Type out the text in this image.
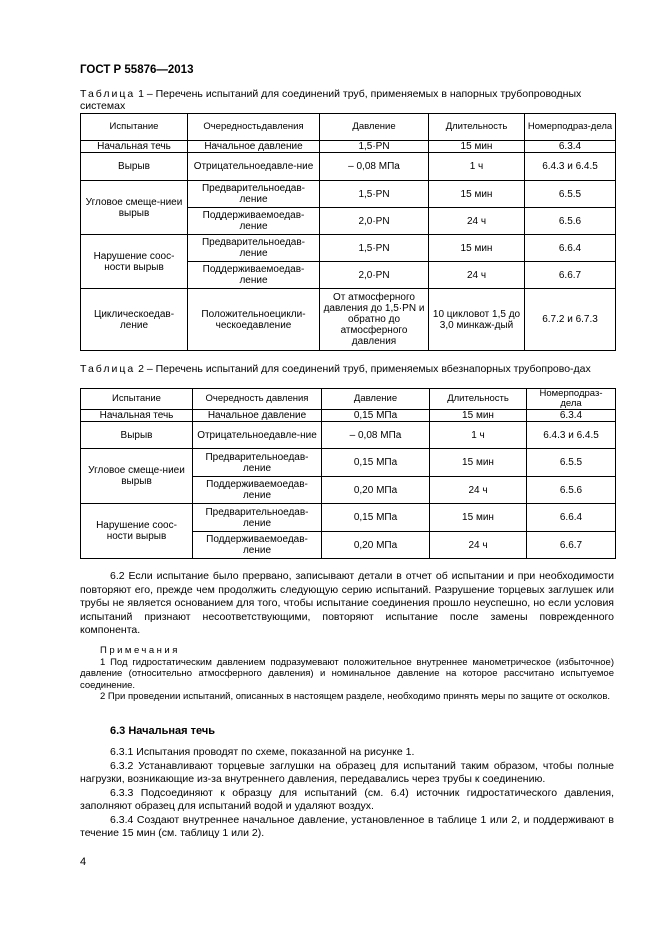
ГОСТ Р 55876—2013
Таблица 1 – Перечень испытаний для соединений труб, применяемых в напорных трубопроводных системах
Испытание	Очередностьдавления	Давление	Длительность	Номерподраз-дела
Начальная течь	Начальное давление	1,5·PN	15 мин	6.3.4
Вырыв	Отрицательноедавле-ние	– 0,08 МПа	1 ч	6.4.3 и 6.4.5
Угловое смеще-ниеи вырыв	Предварительноедав-ление	1,5·PN	15 мин	6.5.5
	Поддерживаемоедав-ление	2,0·PN	24 ч	6.5.6
Нарушение соос-ности вырыв	Предварительноедав-ление	1,5·PN	15 мин	6.6.4
	Поддерживаемоедав-ление	2,0·PN	24 ч	6.6.7
Циклическоедав-ление	Положительноецикли-ческоедавление	От атмосферного давления до 1,5·PN и обратно до атмосферного давления	10 цикловот 1,5 до 3,0 минкаж-дый	6.7.2 и 6.7.3
Таблица 2 – Перечень испытаний для соединений труб, применяемых вбезнапорных трубопрово-дах
Испытание	Очередность давления	Давление	Длительность	Номерподраз-дела
Начальная течь	Начальное давление	0,15 МПа	15 мин	6.3.4
Вырыв	Отрицательноедавле-ние	– 0,08 МПа	1 ч	6.4.3 и 6.4.5
Угловое смеще-ниеи вырыв	Предварительноедав-ление	0,15 МПа	15 мин	6.5.5
	Поддерживаемоедав-ление	0,20 МПа	24 ч	6.5.6
Нарушение соос-ности вырыв	Предварительноедав-ление	0,15 МПа	15 мин	6.6.4
	Поддерживаемоедав-ление	0,20 МПа	24 ч	6.6.7

6.2 Если испытание было прервано, записывают детали в отчет об испытании и при необходимости повторяют его, прежде чем продолжить следующую серию испытаний. Разрушение торцевых заглушек или трубы не является основанием для того, чтобы испытание соединения прошло неуспешно, но если условия испытаний признают несоответствующими, повторяют испытание после замены поврежденного компонента.

Примечания

1 Под гидростатическим давлением подразумевают положительное внутреннее манометрическое (избыточное) давление (относительно атмосферного давления) и номинальное давление на которое рассчитано испытуемое соединение.

2 При проведении испытаний, описанных в настоящем разделе, необходимо принять меры по защите от осколков.

6.3 Начальная течь

6.3.1 Испытания проводят по схеме, показанной на рисунке 1.

6.3.2 Устанавливают торцевые заглушки на образец для испытаний таким образом, чтобы полные нагрузки, возникающие из-за внутреннего давления, передавались через трубы к соединению.

6.3.3 Подсоединяют к образцу для испытаний (см. 6.4) источник гидростатического давления, заполняют образец для испытаний водой и удаляют воздух.

6.3.4 Создают внутреннее начальное давление, установленное в таблице 1 или 2, и поддерживают в течение 15 мин (см. таблицу 1 или 2).

4
